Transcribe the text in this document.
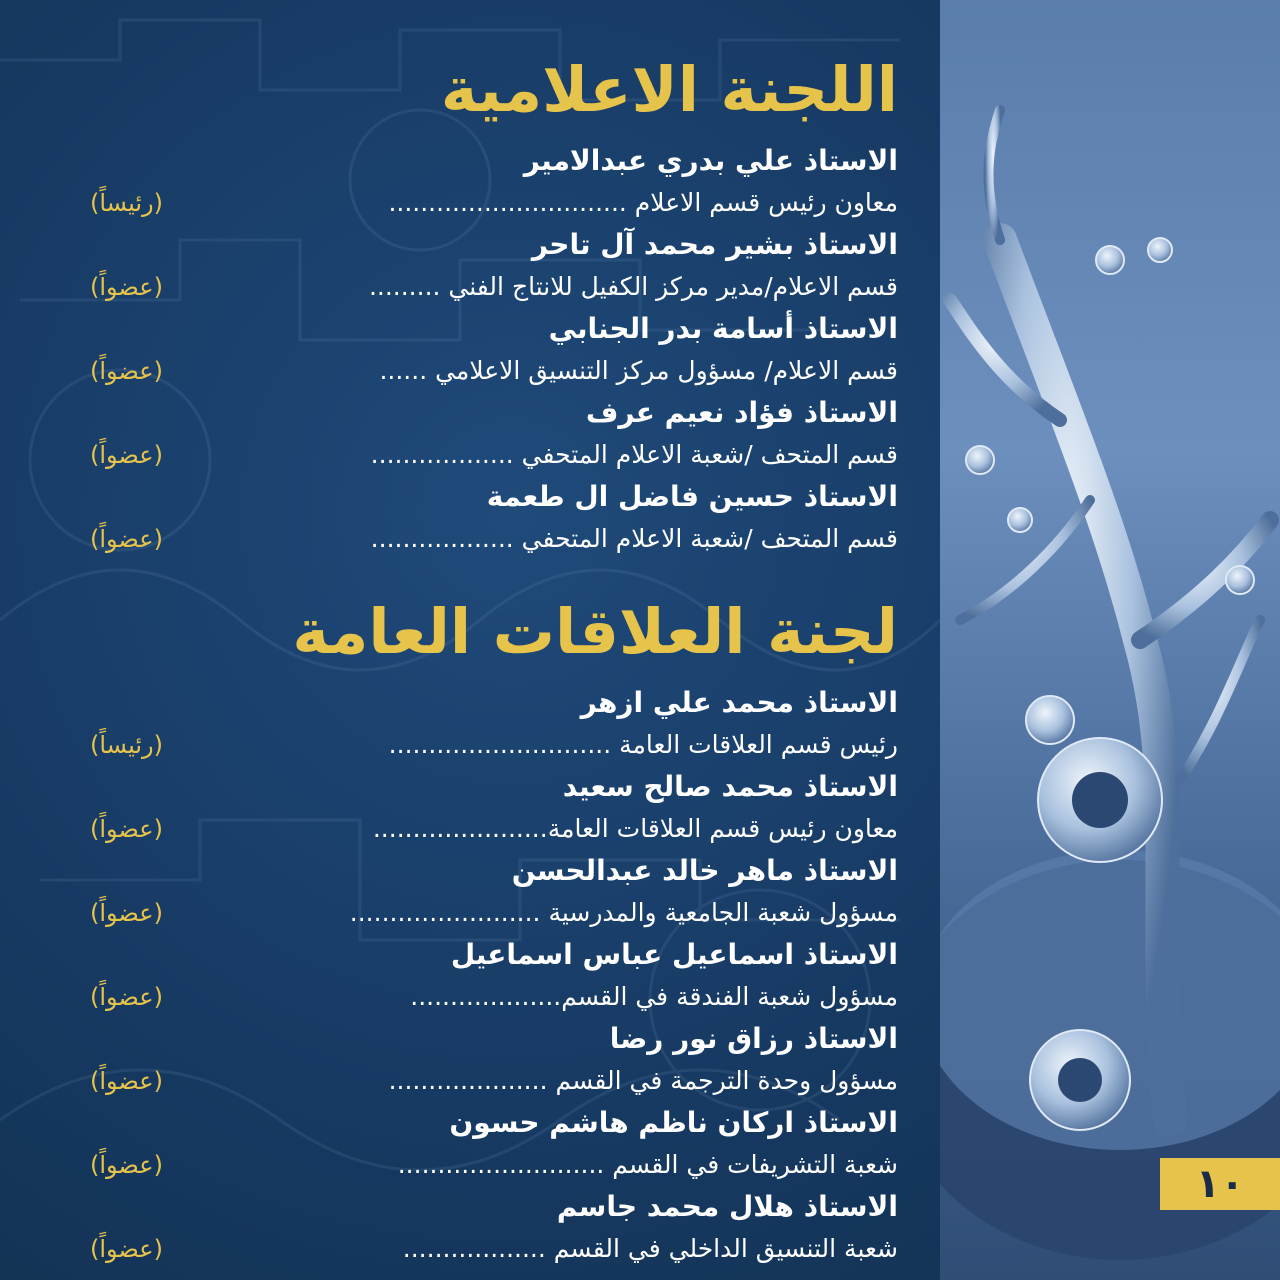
١٠
اللجنة الاعلامية
الاستاذ علي بدري عبدالامير
معاون رئيس قسم الاعلام ..............................
(رئيساً)
الاستاذ بشير محمد آل تاحر
قسم الاعلام/مدير مركز الكفيل للانتاج الفني .........
(عضواً)
الاستاذ أسامة بدر الجنابي
قسم الاعلام/ مسؤول مركز التنسيق الاعلامي ......
(عضواً)
الاستاذ فؤاد نعيم عرف
قسم المتحف /شعبة الاعلام المتحفي ..................
(عضواً)
الاستاذ حسين فاضل ال طعمة
قسم المتحف /شعبة الاعلام المتحفي ..................
(عضواً)
لجنة العلاقات العامة
الاستاذ محمد علي ازهر
رئيس قسم العلاقات العامة ............................
(رئيساً)
الاستاذ محمد صالح سعيد
معاون رئيس قسم العلاقات العامة......................
(عضواً)
الاستاذ ماهر خالد عبدالحسن
مسؤول شعبة الجامعية والمدرسية ........................
(عضواً)
الاستاذ اسماعيل عباس اسماعيل
مسؤول شعبة الفندقة في القسم...................
(عضواً)
الاستاذ رزاق نور رضا
مسؤول وحدة الترجمة في القسم ....................
(عضواً)
الاستاذ اركان ناظم هاشم حسون
شعبة التشريفات في القسم ..........................
(عضواً)
الاستاذ هلال محمد جاسم
شعبة التنسيق الداخلي في القسم ..................
(عضواً)
